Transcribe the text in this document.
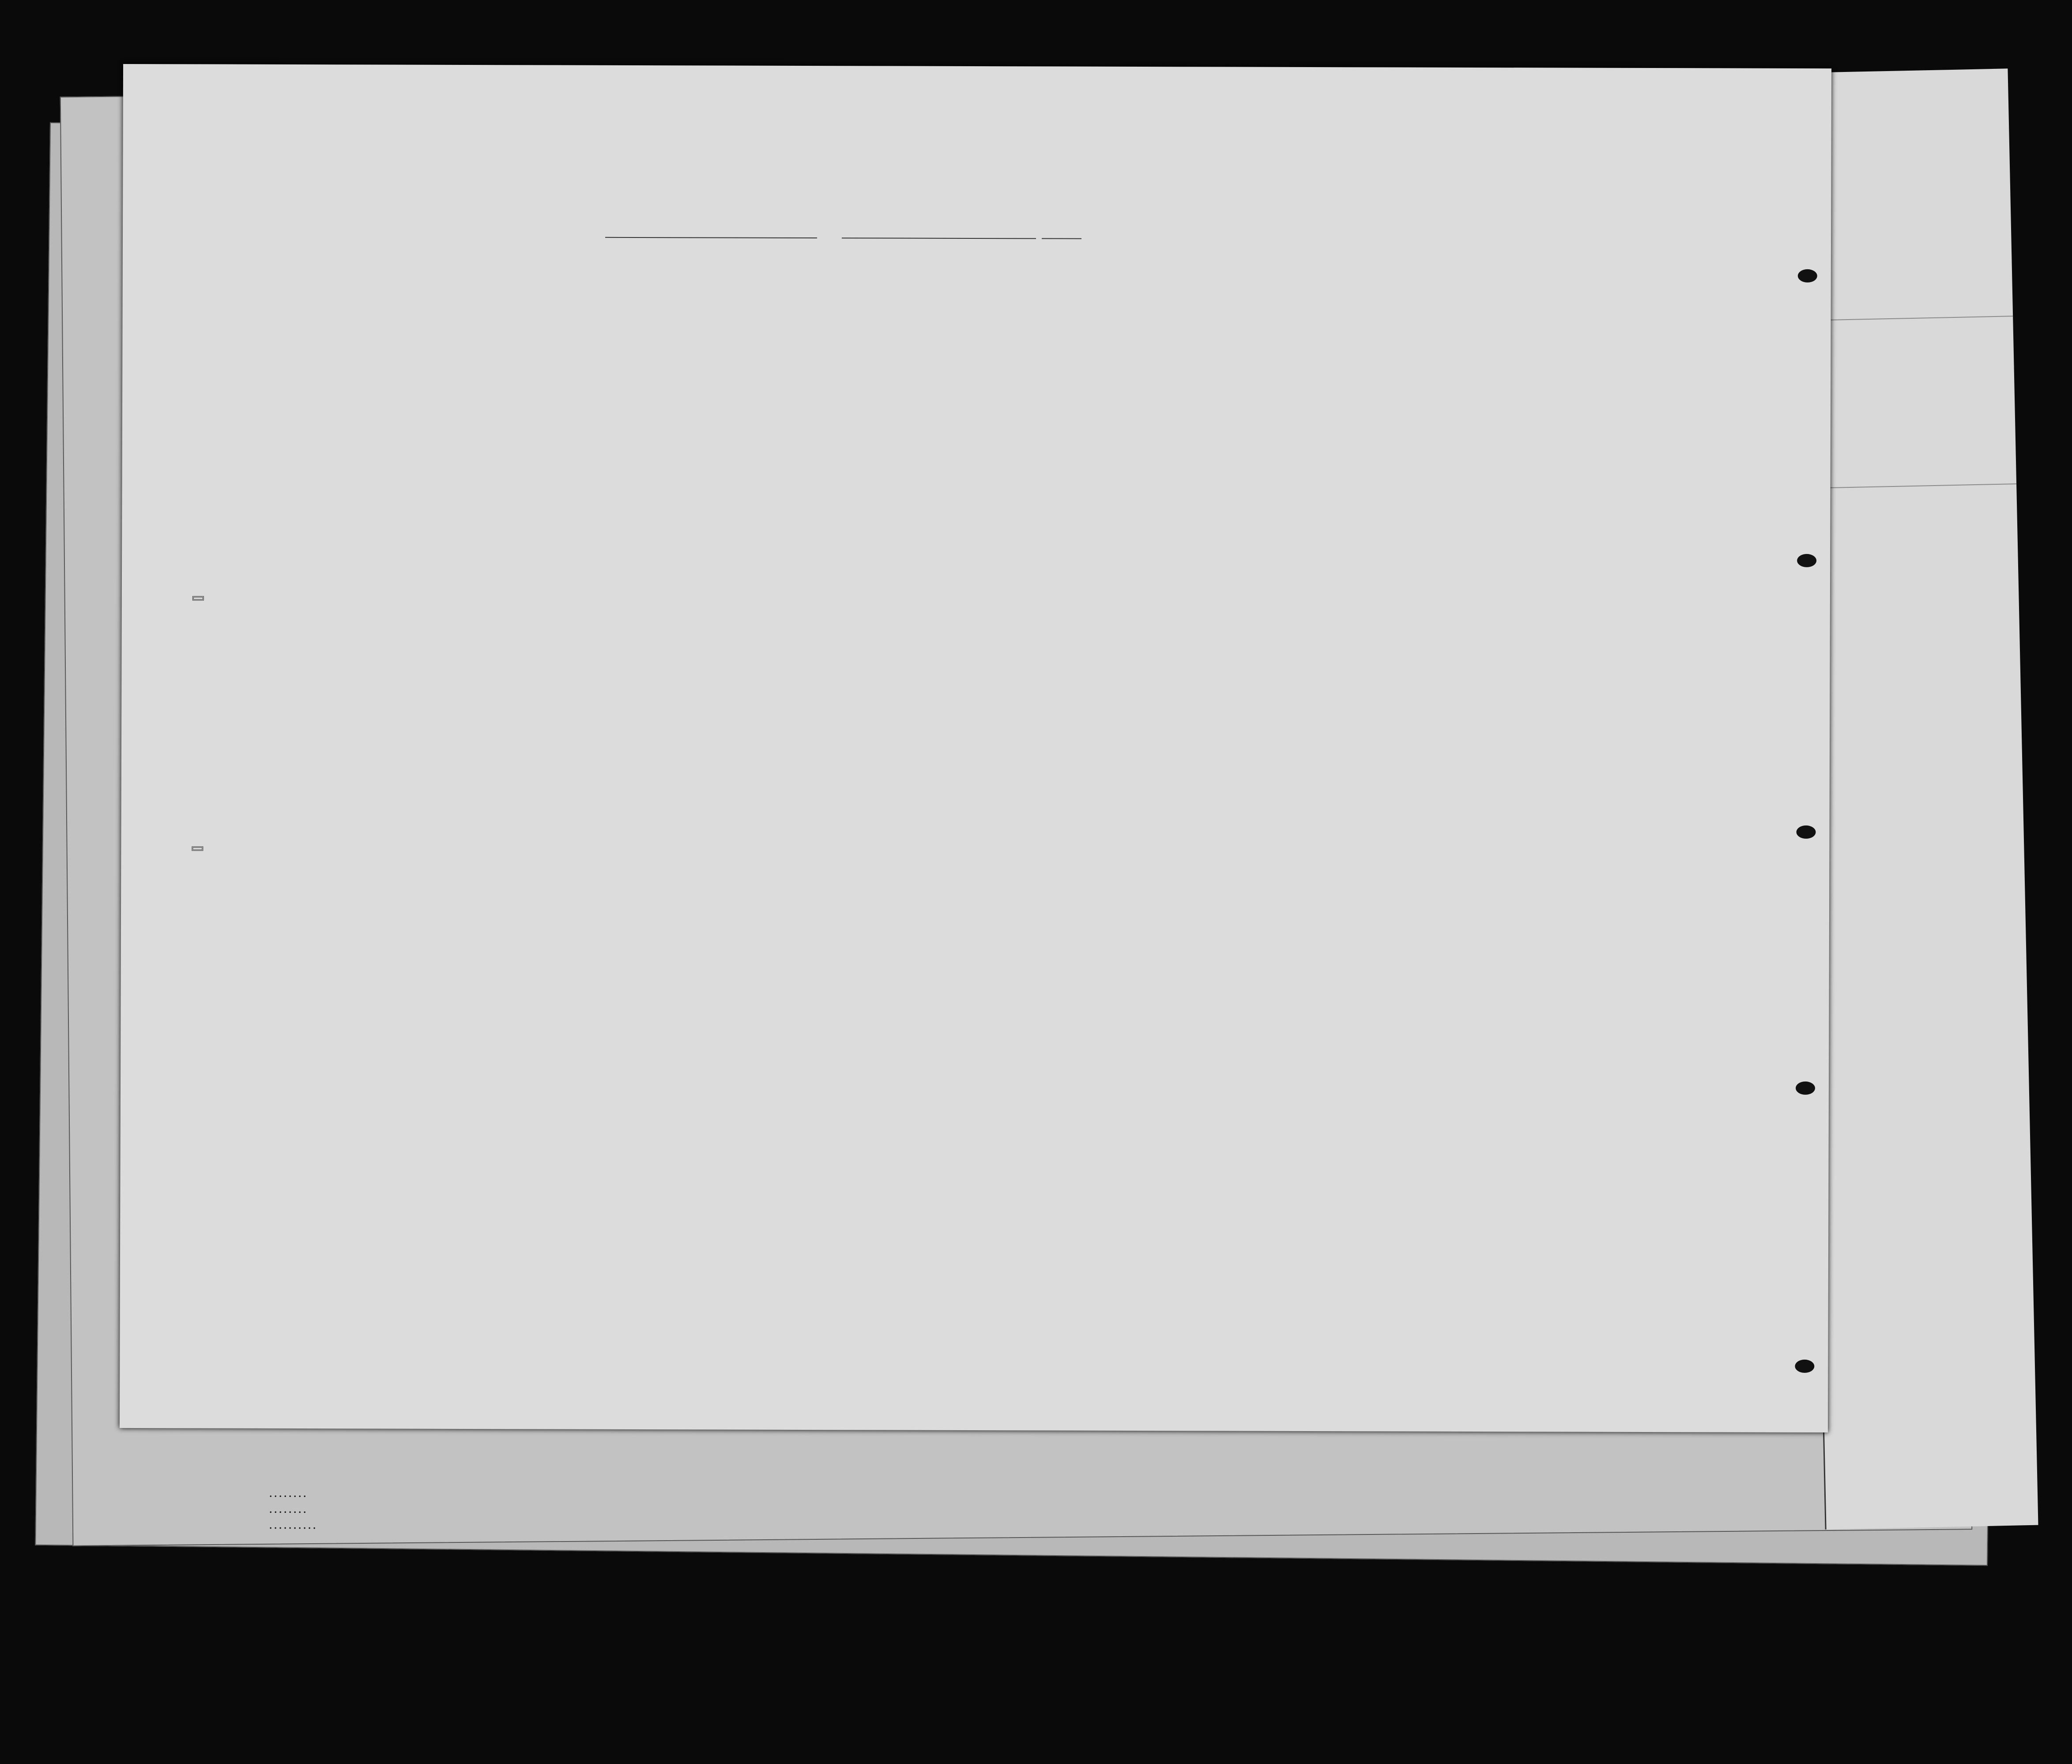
. . . . . . . .
. . . . . . . .
. . . . . . . . . .
